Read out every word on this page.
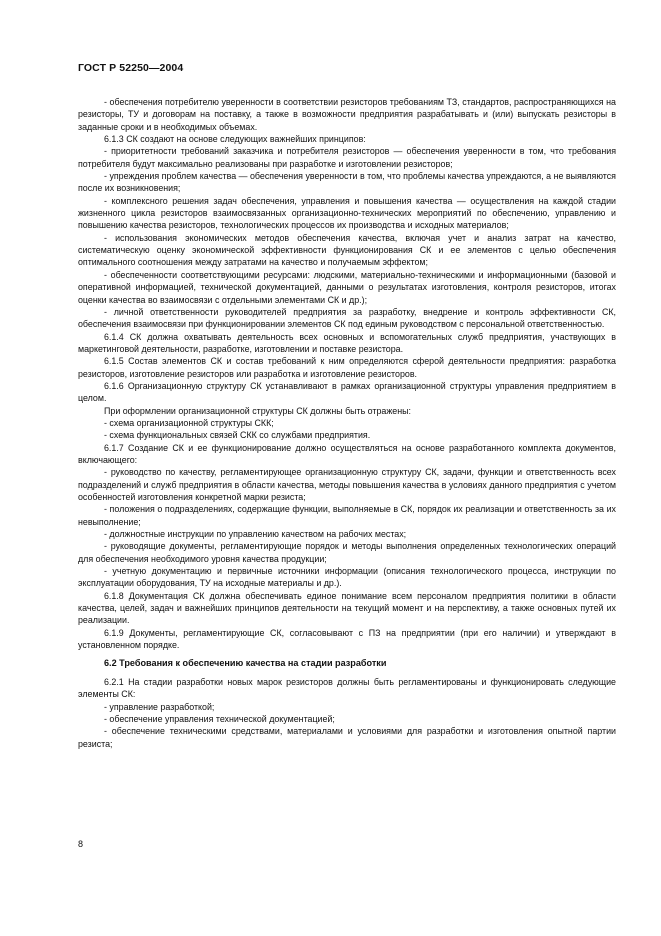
ГОСТ Р 52250—2004

- обеспечения потребителю уверенности в соответствии резисторов требованиям ТЗ, стандартов, распространяющихся на резисторы, ТУ и договорам на поставку, а также в возможности предприятия разрабатывать и (или) выпускать резисторы в заданные сроки и в необходимых объемах.

6.1.3 СК создают на основе следующих важнейших принципов:

- приоритетности требований заказчика и потребителя резисторов — обеспечения уверенности в том, что требования потребителя будут максимально реализованы при разработке и изготовлении резисторов;

- упреждения проблем качества — обеспечения уверенности в том, что проблемы качества упреждаются, а не выявляются после их возникновения;

- комплексного решения задач обеспечения, управления и повышения качества — осуществления на каждой стадии жизненного цикла резисторов взаимосвязанных организационно-технических мероприятий по обеспечению, управлению и повышению качества резисторов, технологических процессов их производства и исходных материалов;

- использования экономических методов обеспечения качества, включая учет и анализ затрат на качество, систематическую оценку экономической эффективности функционирования СК и ее элементов с целью обеспечения оптимального соотношения между затратами на качество и получаемым эффектом;

- обеспеченности соответствующими ресурсами: людскими, материально-техническими и информационными (базовой и оперативной информацией, технической документацией, данными о результатах изготовления, контроля резисторов, итогах оценки качества во взаимосвязи с отдельными элементами СК и др.);

- личной ответственности руководителей предприятия за разработку, внедрение и контроль эффективности СК, обеспечения взаимосвязи при функционировании элементов СК под единым руководством с персональной ответственностью.

6.1.4 СК должна охватывать деятельность всех основных и вспомогательных служб предприятия, участвующих в маркетинговой деятельности, разработке, изготовлении и поставке резистора.

6.1.5 Состав элементов СК и состав требований к ним определяются сферой деятельности предприятия: разработка резисторов, изготовление резисторов или разработка и изготовление резисторов.

6.1.6 Организационную структуру СК устанавливают в рамках организационной структуры управления предприятием в целом.

При оформлении организационной структуры СК должны быть отражены:

- схема организационной структуры СКК;

- схема функциональных связей СКК со службами предприятия.

6.1.7 Создание СК и ее функционирование должно осуществляться на основе разработанного комплекта документов, включающего:

- руководство по качеству, регламентирующее организационную структуру СК, задачи, функции и ответственность всех подразделений и служб предприятия в области качества, методы повышения качества в условиях данного предприятия с учетом особенностей изготовления конкретной марки резиста;

- положения о подразделениях, содержащие функции, выполняемые в СК, порядок их реализации и ответственность за их невыполнение;

- должностные инструкции по управлению качеством на рабочих местах;

- руководящие документы, регламентирующие порядок и методы выполнения определенных технологических операций для обеспечения необходимого уровня качества продукции;

- учетную документацию и первичные источники информации (описания технологического процесса, инструкции по эксплуатации оборудования, ТУ на исходные материалы и др.).

6.1.8 Документация СК должна обеспечивать единое понимание всем персоналом предприятия политики в области качества, целей, задач и важнейших принципов деятельности на текущий момент и на перспективу, а также основных путей их реализации.

6.1.9 Документы, регламентирующие СК, согласовывают с ПЗ на предприятии (при его наличии) и утверждают в установленном порядке.

6.2 Требования к обеспечению качества на стадии разработки

6.2.1 На стадии разработки новых марок резисторов должны быть регламентированы и функционировать следующие элементы СК:

- управление разработкой;

- обеспечение управления технической документацией;

- обеспечение техническими средствами, материалами и условиями для разработки и изготовления опытной партии резиста;

8
